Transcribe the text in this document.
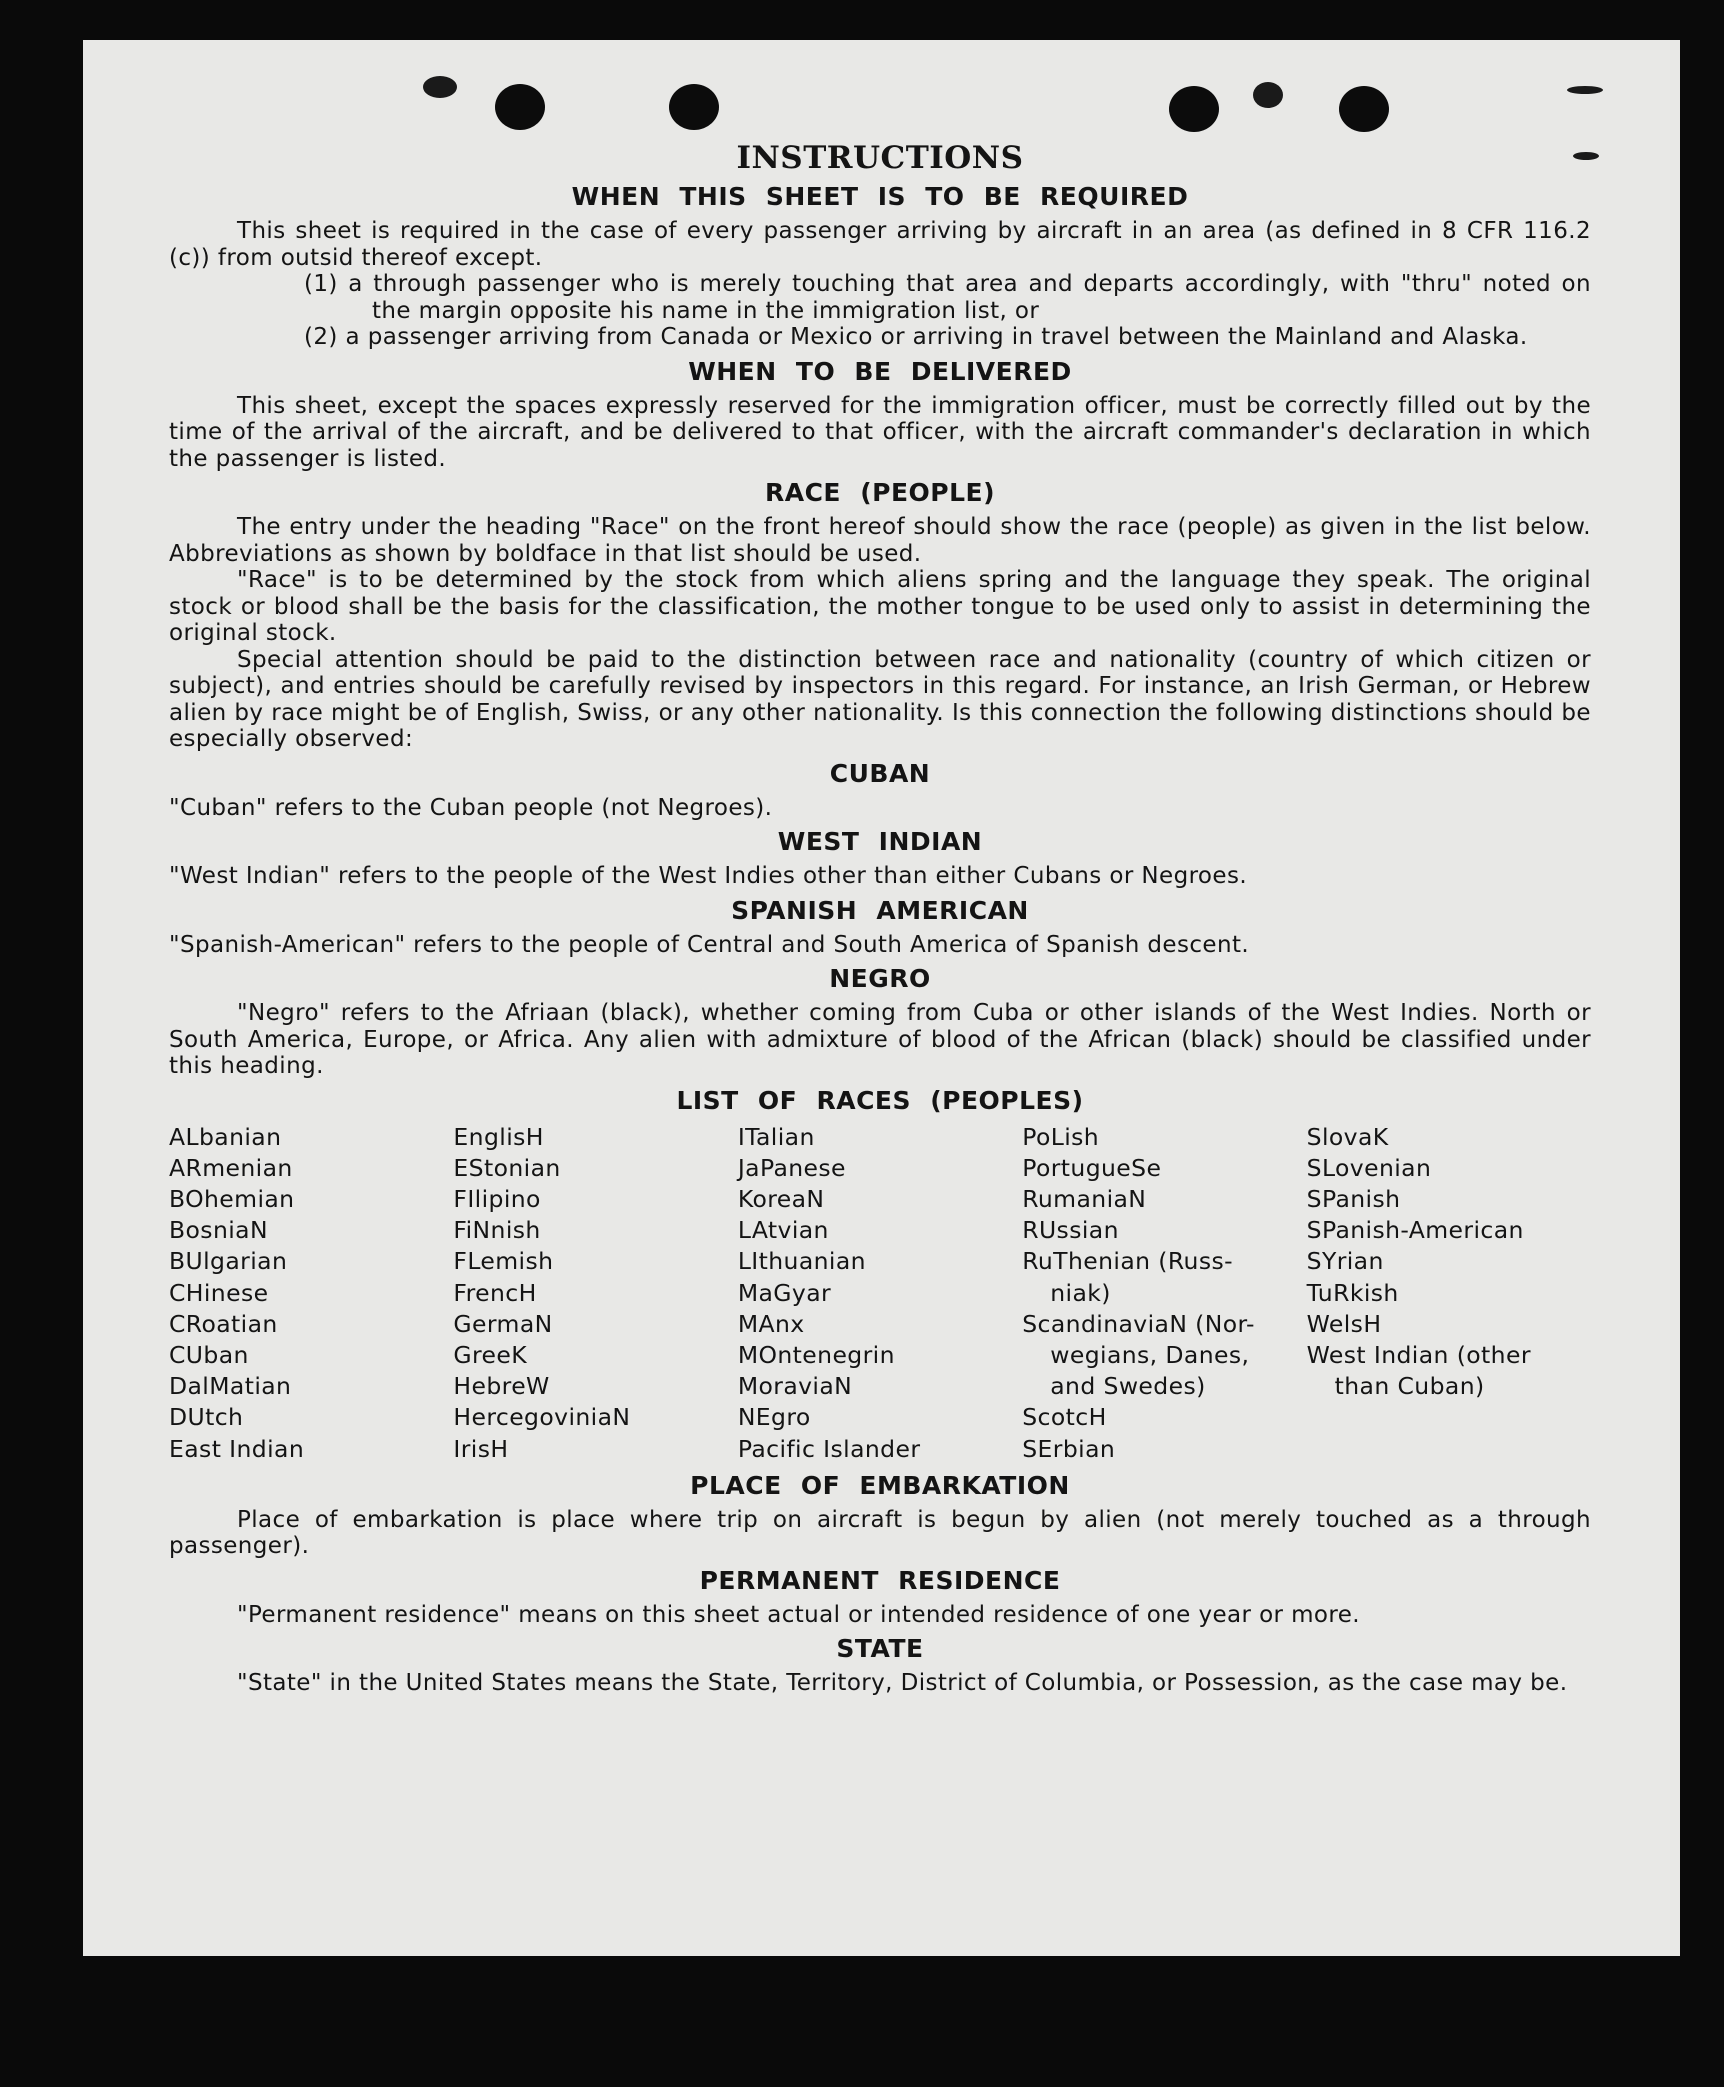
INSTRUCTIONS
WHEN THIS SHEET IS TO BE REQUIRED

This sheet is required in the case of every passenger arriving by aircraft in an area (as defined in 8 CFR 116.2 (c)) from outsid thereof except.

(1) a through passenger who is merely touching that area and departs accordingly, with "thru" noted on the margin opposite his name in the immigration list, or

(2) a passenger arriving from Canada or Mexico or arriving in travel between the Mainland and Alaska.

WHEN TO BE DELIVERED

This sheet, except the spaces expressly reserved for the immigration officer, must be correctly filled out by the time of the arrival of the aircraft, and be delivered to that officer, with the aircraft commander's declaration in which the passenger is listed.

RACE (PEOPLE)

The entry under the heading "Race" on the front hereof should show the race (people) as given in the list below. Abbreviations as shown by boldface in that list should be used.

"Race" is to be determined by the stock from which aliens spring and the language they speak. The original stock or blood shall be the basis for the classification, the mother tongue to be used only to assist in determining the original stock.

Special attention should be paid to the distinction between race and nationality (country of which citizen or subject), and entries should be carefully revised by inspectors in this regard. For instance, an Irish German, or Hebrew alien by race might be of English, Swiss, or any other nationality. Is this connection the following distinctions should be especially observed:

CUBAN

"Cuban" refers to the Cuban people (not Negroes).

WEST INDIAN

"West Indian" refers to the people of the West Indies other than either Cubans or Negroes.

SPANISH AMERICAN

"Spanish-American" refers to the people of Central and South America of Spanish descent.

NEGRO

"Negro" refers to the Afriaan (black), whether coming from Cuba or other islands of the West Indies. North or South America, Europe, or Africa. Any alien with admixture of blood of the African (black) should be classified under this heading.

LIST OF RACES (PEOPLES)
ALbanian
ARmenian
BOhemian
BosniaN
BUlgarian
CHinese
CRoatian
CUban
DalMatian
DUtch
East Indian
EnglisH
EStonian
FIlipino
FiNnish
FLemish
FrencH
GermaN
GreeK
HebreW
HercegoviniaN
IrisH
ITalian
JaPanese
KoreaN
LAtvian
LIthuanian
MaGyar
MAnx
MOntenegrin
MoraviaN
NEgro
Pacific Islander
PoLish
PortugueSe
RumaniaN
RUssian
RuThenian (Russ-
niak)
ScandinaviaN (Nor-
wegians, Danes,
and Swedes)
ScotcH
SErbian
SlovaK
SLovenian
SPanish
SPanish-American
SYrian
TuRkish
WelsH
West Indian (other
than Cuban)
PLACE OF EMBARKATION

Place of embarkation is place where trip on aircraft is begun by alien (not merely touched as a through passenger).

PERMANENT RESIDENCE

"Permanent residence" means on this sheet actual or intended residence of one year or more.

STATE

"State" in the United States means the State, Territory, District of Columbia, or Possession, as the case may be.
